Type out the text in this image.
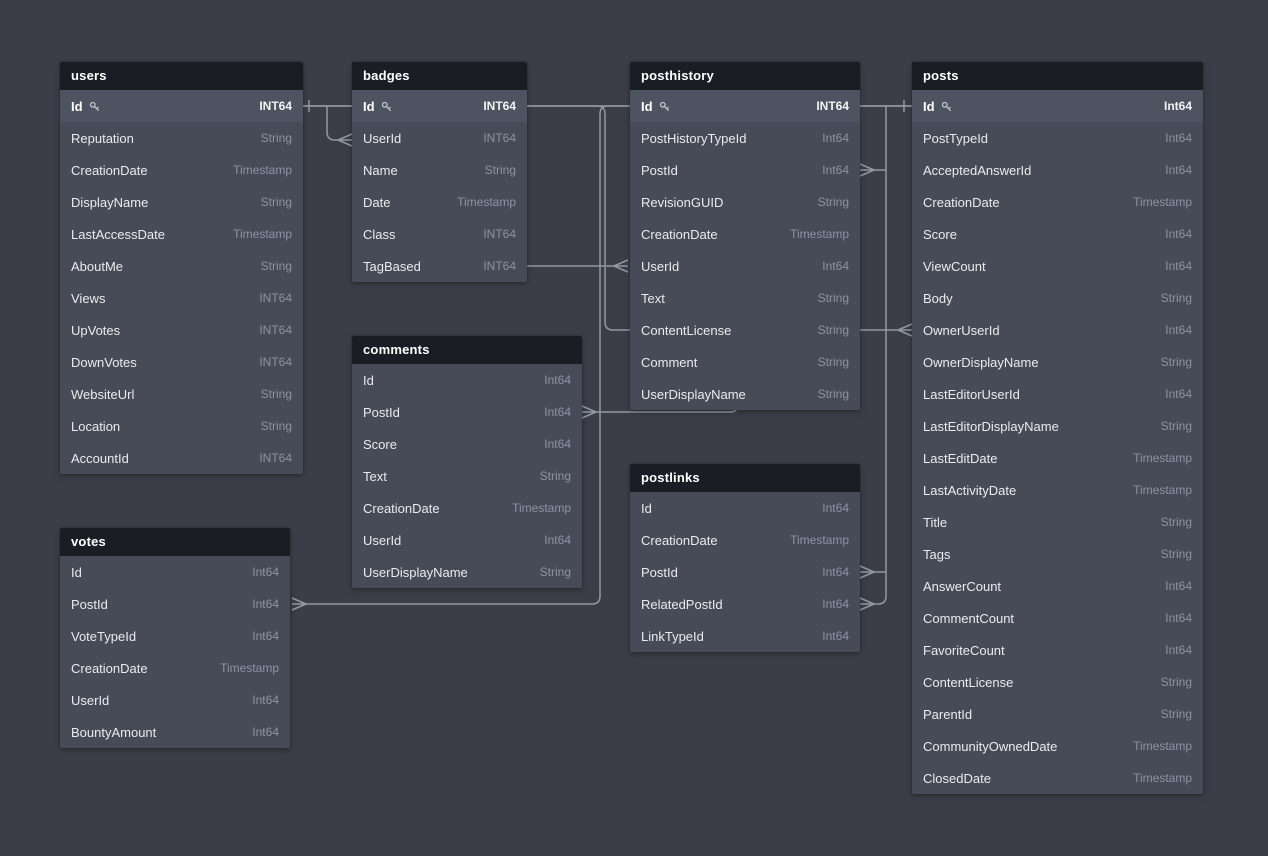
users
Id	INT64
Reputation	String
CreationDate	Timestamp
DisplayName	String
LastAccessDate	Timestamp
AboutMe	String
Views	INT64
UpVotes	INT64
DownVotes	INT64
WebsiteUrl	String
Location	String
AccountId	INT64
badges
Id	INT64
UserId	INT64
Name	String
Date	Timestamp
Class	INT64
TagBased	INT64
comments
Id	Int64
PostId	Int64
Score	Int64
Text	String
CreationDate	Timestamp
UserId	Int64
UserDisplayName	String
votes
Id	Int64
PostId	Int64
VoteTypeId	Int64
CreationDate	Timestamp
UserId	Int64
BountyAmount	Int64
posthistory
Id	INT64
PostHistoryTypeId	Int64
PostId	Int64
RevisionGUID	String
CreationDate	Timestamp
UserId	Int64
Text	String
ContentLicense	String
Comment	String
UserDisplayName	String
postlinks
Id	Int64
CreationDate	Timestamp
PostId	Int64
RelatedPostId	Int64
LinkTypeId	Int64
posts
Id	Int64
PostTypeId	Int64
AcceptedAnswerId	Int64
CreationDate	Timestamp
Score	Int64
ViewCount	Int64
Body	String
OwnerUserId	Int64
OwnerDisplayName	String
LastEditorUserId	Int64
LastEditorDisplayName	String
LastEditDate	Timestamp
LastActivityDate	Timestamp
Title	String
Tags	String
AnswerCount	Int64
CommentCount	Int64
FavoriteCount	Int64
ContentLicense	String
ParentId	String
CommunityOwnedDate	Timestamp
ClosedDate	Timestamp
